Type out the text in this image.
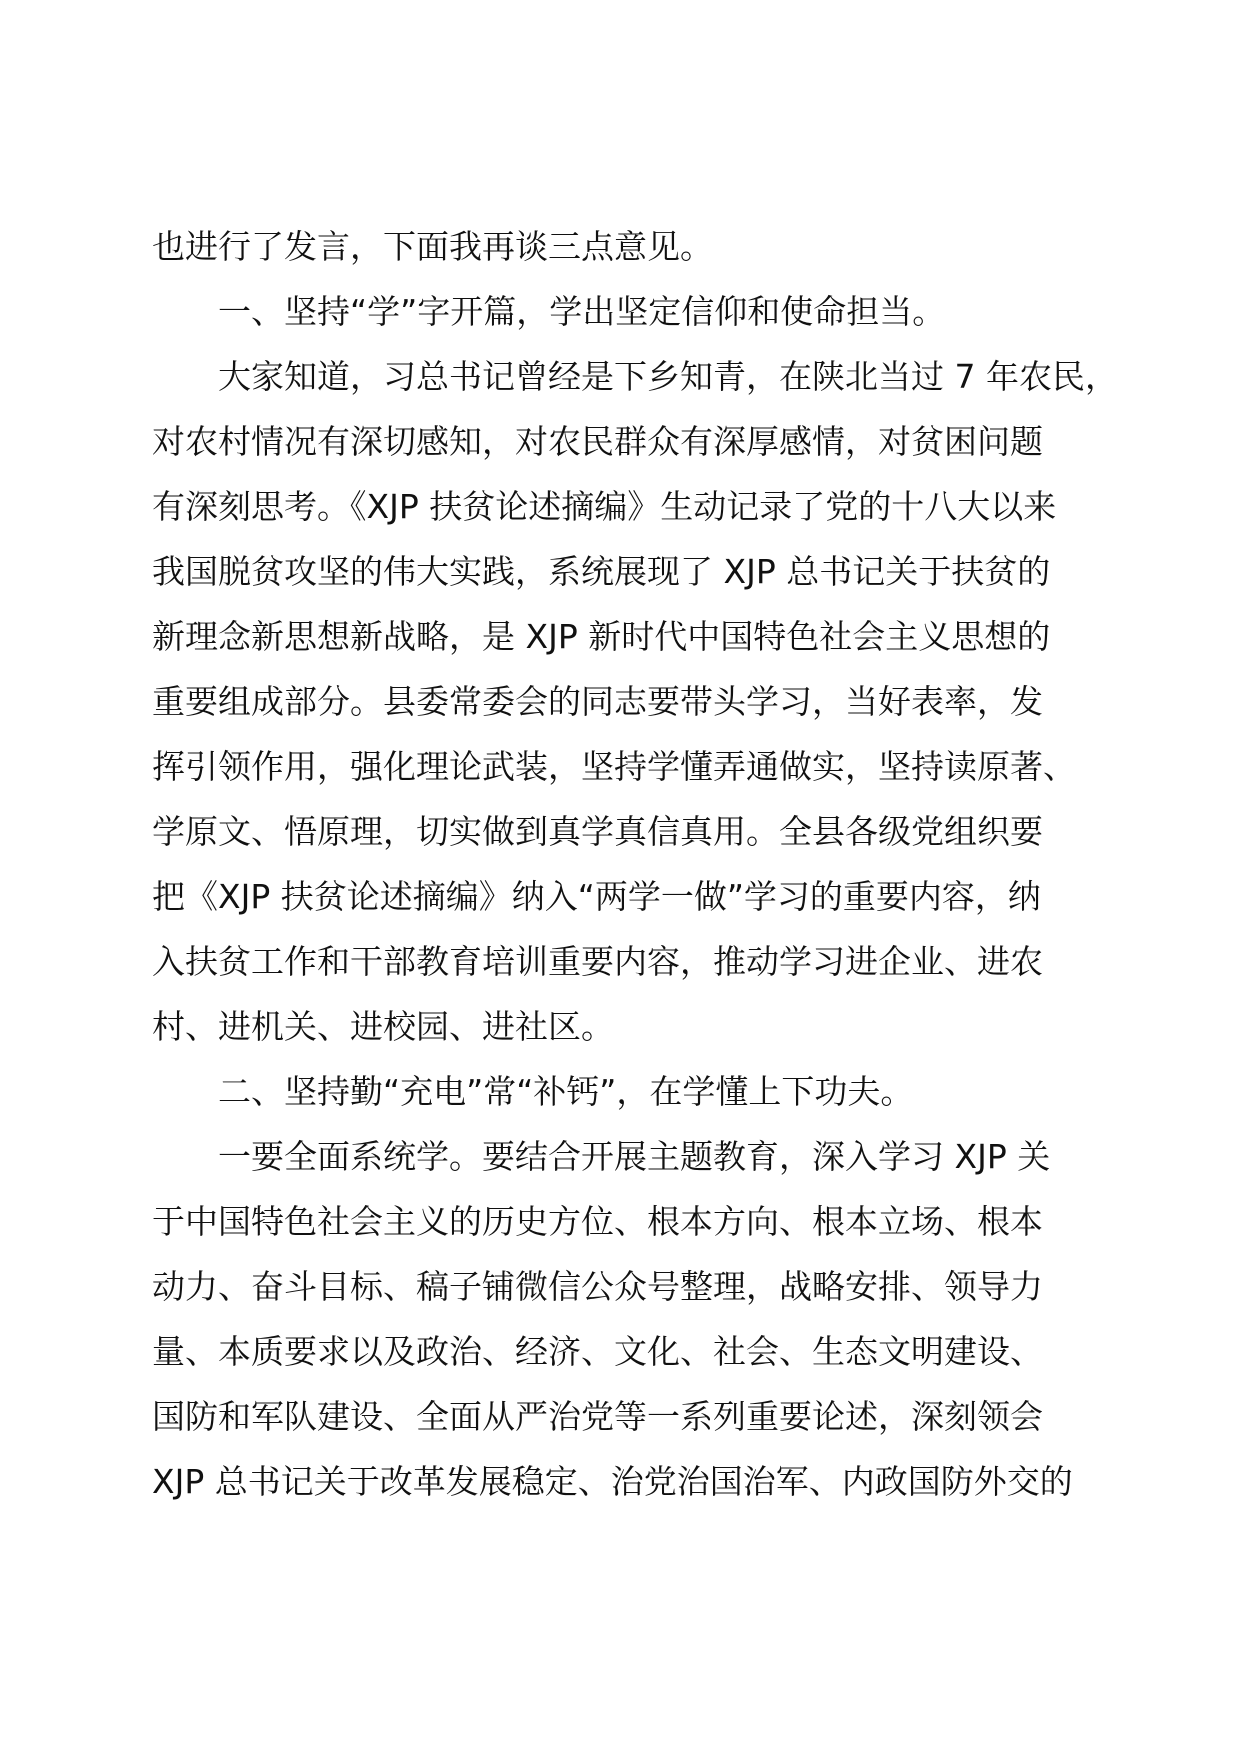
也进行了发言，下面我再谈三点意见。
一、坚持“学”字开篇，学出坚定信仰和使命担当。
大家知道，习总书记曾经是下乡知青，在陕北当过 7 年农民，
对农村情况有深切感知，对农民群众有深厚感情，对贫困问题
有深刻思考。《XJP 扶贫论述摘编》生动记录了党的十八大以来
我国脱贫攻坚的伟大实践，系统展现了 XJP 总书记关于扶贫的
新理念新思想新战略，是 XJP 新时代中国特色社会主义思想的
重要组成部分。县委常委会的同志要带头学习，当好表率，发
挥引领作用，强化理论武装，坚持学懂弄通做实，坚持读原著、
学原文、悟原理，切实做到真学真信真用。全县各级党组织要
把《XJP 扶贫论述摘编》纳入“两学一做”学习的重要内容，纳
入扶贫工作和干部教育培训重要内容，推动学习进企业、进农
村、进机关、进校园、进社区。
二、坚持勤“充电”常“补钙”，在学懂上下功夫。
一要全面系统学。要结合开展主题教育，深入学习 XJP 关
于中国特色社会主义的历史方位、根本方向、根本立场、根本
动力、奋斗目标、稿子铺微信公众号整理，战略安排、领导力
量、本质要求以及政治、经济、文化、社会、生态文明建设、
国防和军队建设、全面从严治党等一系列重要论述，深刻领会
XJP 总书记关于改革发展稳定、治党治国治军、内政国防外交的
